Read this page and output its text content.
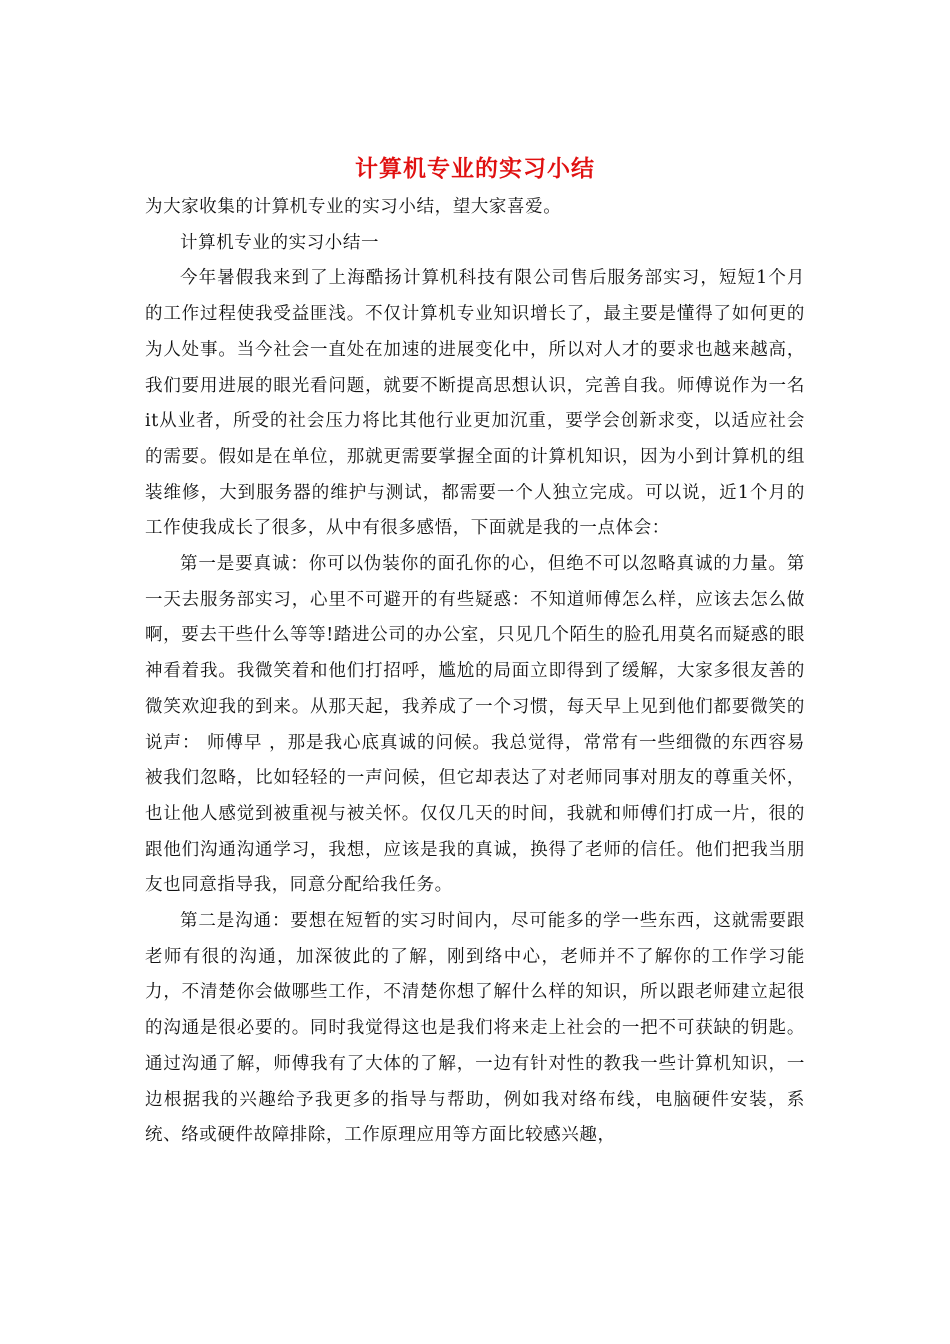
计算机专业的实习小结

为大家收集的计算机专业的实习小结，望大家喜爱。

计算机专业的实习小结一

今年暑假我来到了上海酷扬计算机科技有限公司售后服务部实习，短短1个月的工作过程使我受益匪浅。不仅计算机专业知识增长了，最主要是懂得了如何更的为人处事。当今社会一直处在加速的进展变化中，所以对人才的要求也越来越高，我们要用进展的眼光看问题，就要不断提高思想认识，完善自我。师傅说作为一名it从业者，所受的社会压力将比其他行业更加沉重，要学会创新求变，以适应社会的需要。假如是在单位，那就更需要掌握全面的计算机知识，因为小到计算机的组装维修，大到服务器的维护与测试，都需要一个人独立完成。可以说，近1个月的工作使我成长了很多，从中有很多感悟，下面就是我的一点体会：

第一是要真诚：你可以伪装你的面孔你的心，但绝不可以忽略真诚的力量。第一天去服务部实习，心里不可避开的有些疑惑：不知道师傅怎么样，应该去怎么做啊，要去干些什么等等!踏进公司的办公室，只见几个陌生的脸孔用莫名而疑惑的眼神看着我。我微笑着和他们打招呼，尴尬的局面立即得到了缓解，大家多很友善的微笑欢迎我的到来。从那天起，我养成了一个习惯，每天早上见到他们都要微笑的说声： 师傅早 ，那是我心底真诚的问候。我总觉得，常常有一些细微的东西容易被我们忽略，比如轻轻的一声问候，但它却表达了对老师同事对朋友的尊重关怀，也让他人感觉到被重视与被关怀。仅仅几天的时间，我就和师傅们打成一片，很的跟他们沟通沟通学习，我想，应该是我的真诚，换得了老师的信任。他们把我当朋友也同意指导我，同意分配给我任务。

第二是沟通：要想在短暂的实习时间内，尽可能多的学一些东西，这就需要跟老师有很的沟通，加深彼此的了解，刚到络中心，老师并不了解你的工作学习能力，不清楚你会做哪些工作，不清楚你想了解什么样的知识，所以跟老师建立起很的沟通是很必要的。同时我觉得这也是我们将来走上社会的一把不可获缺的钥匙。通过沟通了解，师傅我有了大体的了解，一边有针对性的教我一些计算机知识，一边根据我的兴趣给予我更多的指导与帮助，例如我对络布线，电脑硬件安装，系统、络或硬件故障排除，工作原理应用等方面比较感兴趣，
